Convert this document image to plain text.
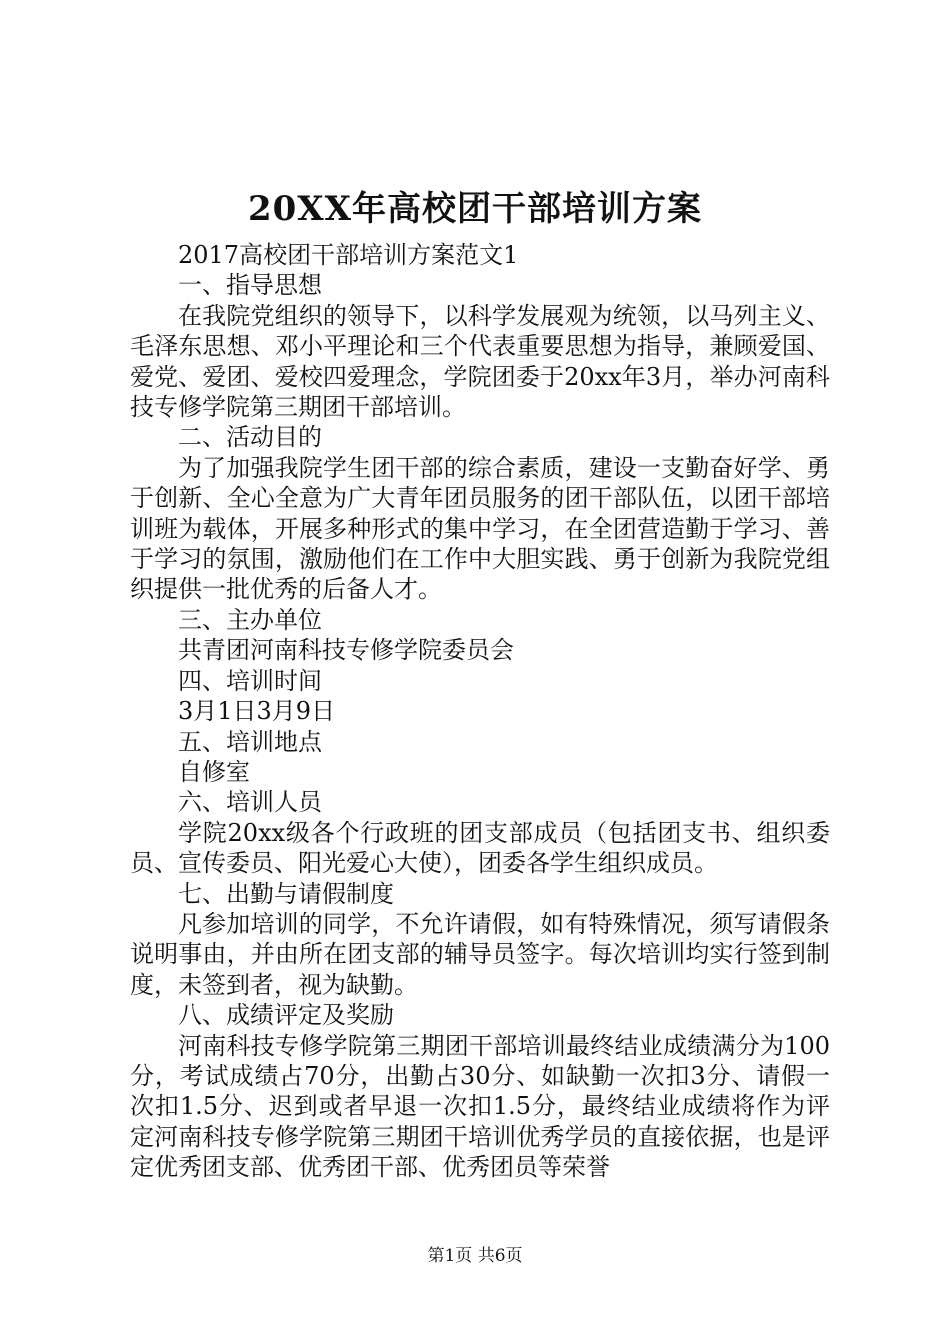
20XX年高校团干部培训方案

2017高校团干部培训方案范文1

一、指导思想

在我院党组织的领导下，以科学发展观为统领，以马列主义、毛泽东思想、邓小平理论和三个代表重要思想为指导，兼顾爱国、爱党、爱团、爱校四爱理念，学院团委于20xx年3月，举办河南科技专修学院第三期团干部培训。

二、活动目的

为了加强我院学生团干部的综合素质，建设一支勤奋好学、勇于创新、全心全意为广大青年团员服务的团干部队伍，以团干部培训班为载体，开展多种形式的集中学习，在全团营造勤于学习、善于学习的氛围，激励他们在工作中大胆实践、勇于创新为我院党组织提供一批优秀的后备人才。

三、主办单位

共青团河南科技专修学院委员会

四、培训时间

3月1日3月9日

五、培训地点

自修室

六、培训人员

学院20xx级各个行政班的团支部成员（包括团支书、组织委员、宣传委员、阳光爱心大使），团委各学生组织成员。

七、出勤与请假制度

凡参加培训的同学，不允许请假，如有特殊情况，须写请假条说明事由，并由所在团支部的辅导员签字。每次培训均实行签到制度，未签到者，视为缺勤。

八、成绩评定及奖励

河南科技专修学院第三期团干部培训最终结业成绩满分为100分，考试成绩占70分，出勤占30分、如缺勤一次扣3分、请假一次扣1.5分、迟到或者早退一次扣1.5分，最终结业成绩将作为评定河南科技专修学院第三期团干培训优秀学员的直接依据，也是评定优秀团支部、优秀团干部、优秀团员等荣誉

第1页 共6页
